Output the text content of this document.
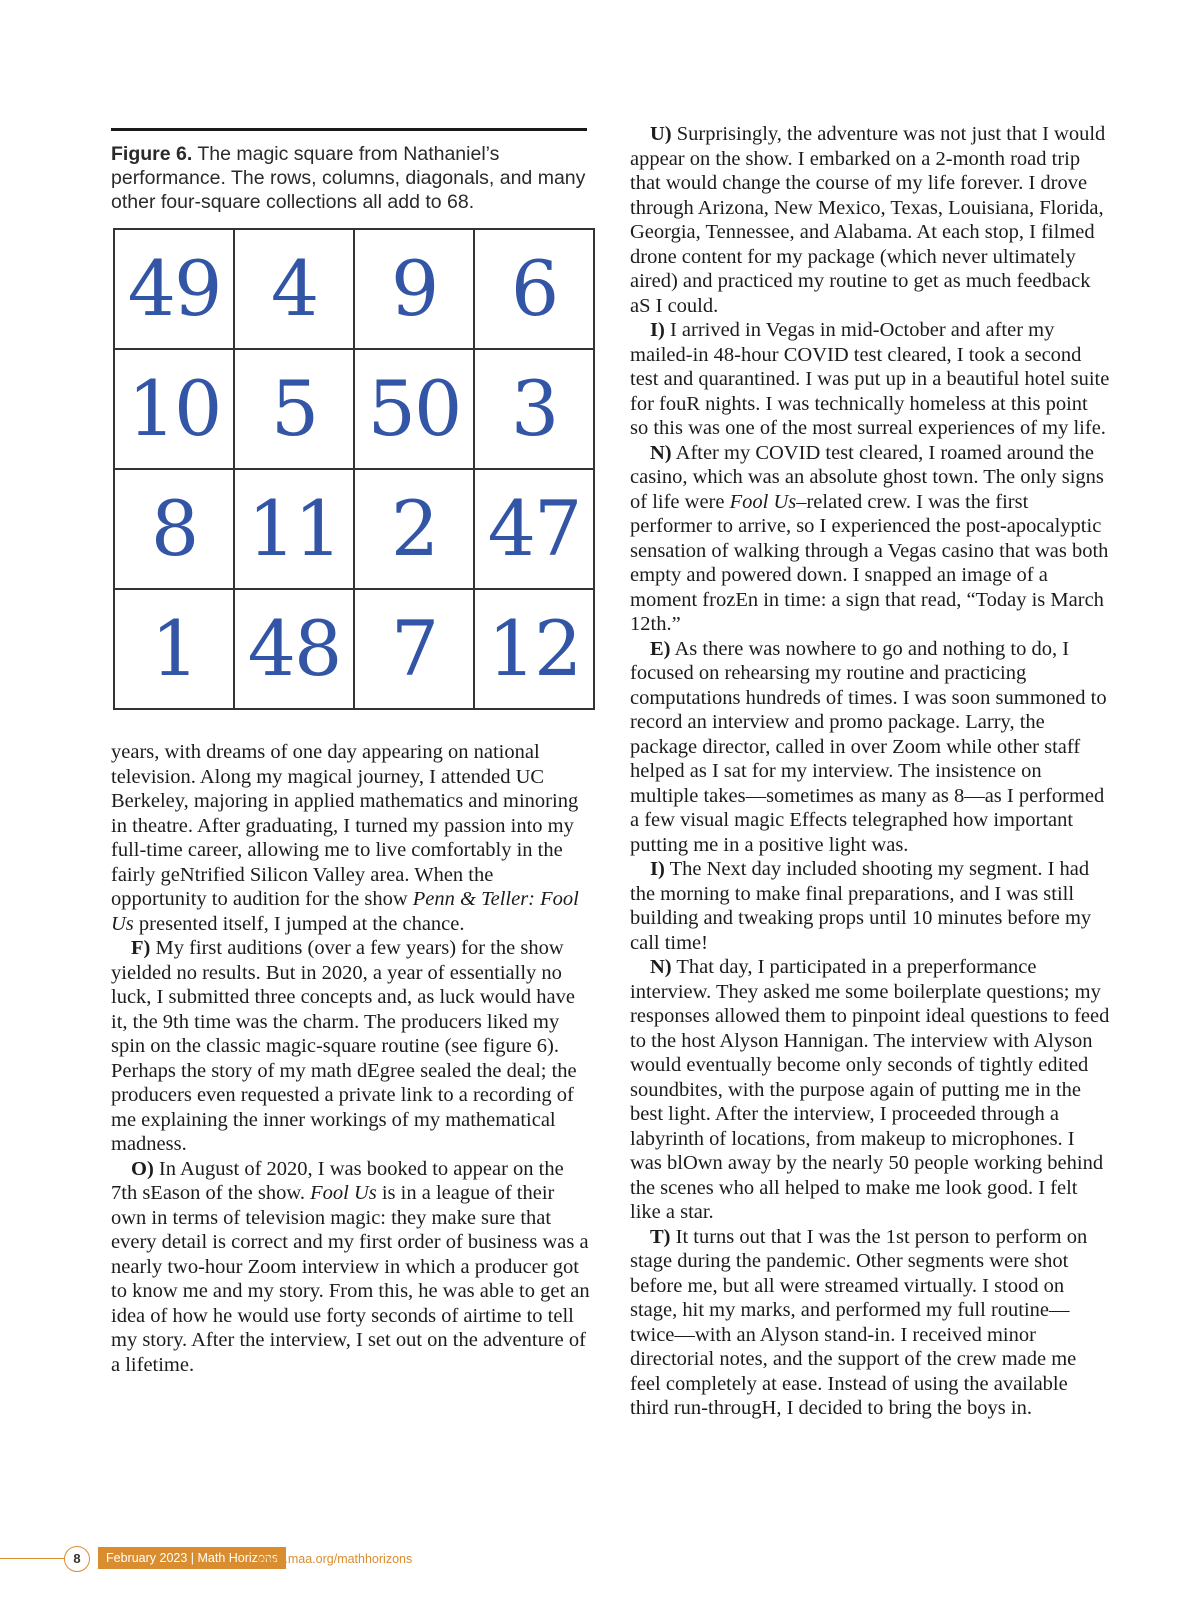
Figure 6. The magic square from Nathaniel’s performance. The rows, columns, diagonals, and many other four-square collections all add to 68.
49	4	9	6
10	5	50	3
8	11	2	47
1	48	7	12

years, with dreams of one day appearing on national television. Along my magical journey, I attended UC Berkeley, majoring in applied mathematics and minoring in theatre. After graduating, I turned my passion into my full-time career, allowing me to live comfortably in the fairly geNtrified Silicon Valley area. When the opportunity to audition for the show Penn & Teller: Fool Us presented itself, I jumped at the chance.

F) My first auditions (over a few years) for the show yielded no results. But in 2020, a year of essentially no luck, I submitted three concepts and, as luck would have it, the 9th time was the charm. The producers liked my spin on the classic magic-square routine (see figure 6). Perhaps the story of my math dEgree sealed the deal; the producers even requested a private link to a recording of me explaining the inner workings of my mathematical madness.

O) In August of 2020, I was booked to appear on the 7th sEason of the show. Fool Us is in a league of their own in terms of television magic: they make sure that every detail is correct and my first order of business was a nearly two-hour Zoom interview in which a producer got to know me and my story. From this, he was able to get an idea of how he would use forty seconds of airtime to tell my story. After the interview, I set out on the adventure of a lifetime.

U) Surprisingly, the adventure was not just that I would appear on the show. I embarked on a 2-month road trip that would change the course of my life forever. I drove through Arizona, New Mexico, Texas, Louisiana, Florida, Georgia, Tennessee, and Alabama. At each stop, I filmed drone content for my package (which never ultimately aired) and practiced my routine to get as much feedback aS I could.

I) I arrived in Vegas in mid-October and after my mailed-in 48-hour COVID test cleared, I took a second test and quarantined. I was put up in a beautiful hotel suite for fouR nights. I was technically homeless at this point so this was one of the most surreal experiences of my life.

N) After my COVID test cleared, I roamed around the casino, which was an absolute ghost town. The only signs of life were Fool Us–related crew. I was the first performer to arrive, so I experienced the post-apocalyptic sensation of walking through a Vegas casino that was both empty and powered down. I snapped an image of a moment frozEn in time: a sign that read, “Today is March 12th.”

E) As there was nowhere to go and nothing to do, I focused on rehearsing my routine and practicing computations hundreds of times. I was soon summoned to record an interview and promo package. Larry, the package director, called in over Zoom while other staff helped as I sat for my interview. The insistence on multiple takes—sometimes as many as 8—as I performed a few visual magic Effects telegraphed how important putting me in a positive light was.

I) The Next day included shooting my segment. I had the morning to make final preparations, and I was still building and tweaking props until 10 minutes before my call time!

N) That day, I participated in a preperformance interview. They asked me some boilerplate questions; my responses allowed them to pinpoint ideal questions to feed to the host Alyson Hannigan. The interview with Alyson would eventually become only seconds of tightly edited soundbites, with the purpose again of putting me in the best light. After the interview, I proceeded through a labyrinth of locations, from makeup to microphones. I was blOwn away by the nearly 50 people working behind the scenes who all helped to make me look good. I felt like a star.

T) It turns out that I was the 1st person to perform on stage during the pandemic. Other segments were shot before me, but all were streamed virtually. I stood on stage, hit my marks, and performed my full routine—twice—with an Alyson stand-in. I received minor directorial notes, and the support of the crew made me feel completely at ease. Instead of using the available third run-througH, I decided to bring the boys in.

8	February 2023 | Math Horizons
www.maa.org/mathhorizons
